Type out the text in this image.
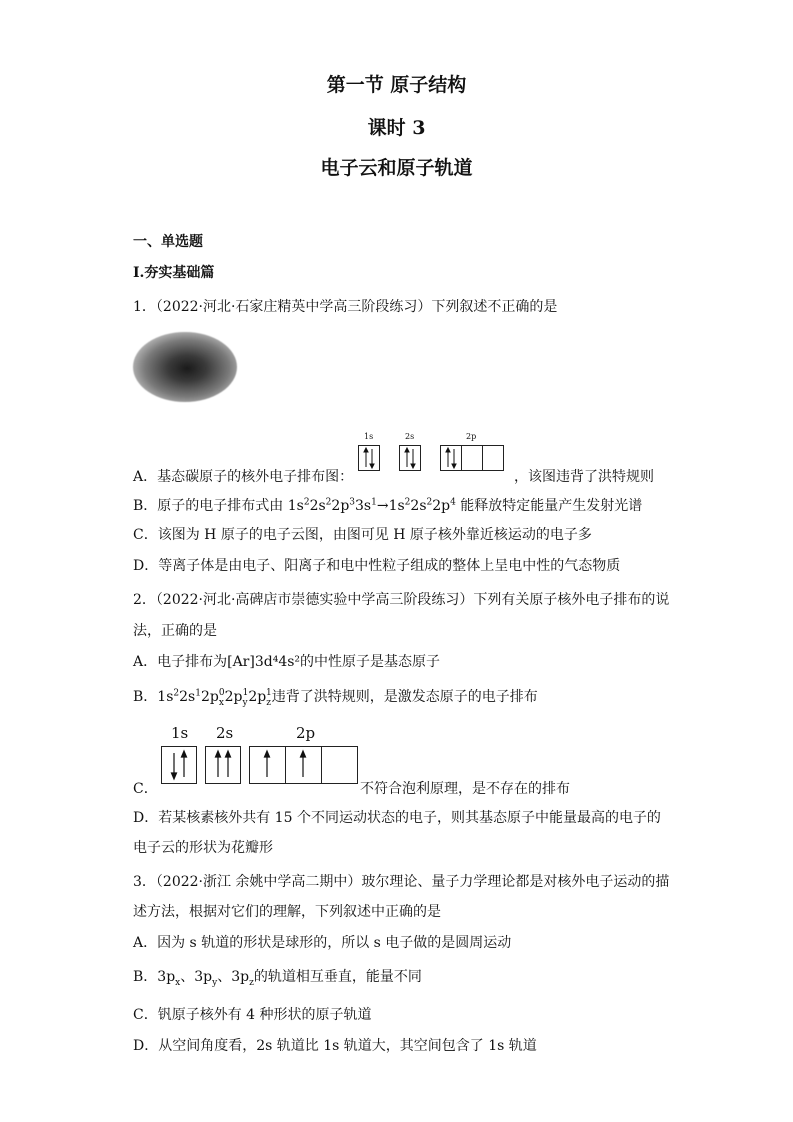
第一节 原子结构
课时 3
电子云和原子轨道
一、单选题
Ⅰ.夯实基础篇
1．（2022·河北·石家庄精英中学高三阶段练习）下列叙述不正确的是
A．基态碳原子的核外电子排布图：
1s	2s	2p
，该图违背了洪特规则
B．原子的电子排布式由 $1s^22s^22p^33s^1\to 1s^22s^22p^4$ 能释放特定能量产生发射光谱
C．该图为 H 原子的电子云图，由图可见 H 原子核外靠近核运动的电子多
D．等离子体是由电子、阳离子和电中性粒子组成的整体上呈电中性的气态物质
2．（2022·河北·高碑店市崇德实验中学高三阶段练习）下列有关原子核外电子排布的说
法，正确的是
A．电子排布为[Ar]3d⁴4s²的中性原子是基态原子
B．$1s^22s^12p_x^02p_y^12p_z^1$违背了洪特规则，是激发态原子的电子排布
C．
1s 2s	2p
不符合泡利原理，是不存在的排布
D．若某核素核外共有 15 个不同运动状态的电子，则其基态原子中能量最高的电子的
电子云的形状为花瓣形
3．（2022·浙江 余姚中学高二期中）玻尔理论、量子力学理论都是对核外电子运动的描
述方法，根据对它们的理解，下列叙述中正确的是
A．因为 s 轨道的形状是球形的，所以 s 电子做的是圆周运动
B．$3p_x$、$3p_y$、$3p_z$的轨道相互垂直，能量不同
C．钒原子核外有 4 种形状的原子轨道
D．从空间角度看，2s 轨道比 1s 轨道大，其空间包含了 1s 轨道
